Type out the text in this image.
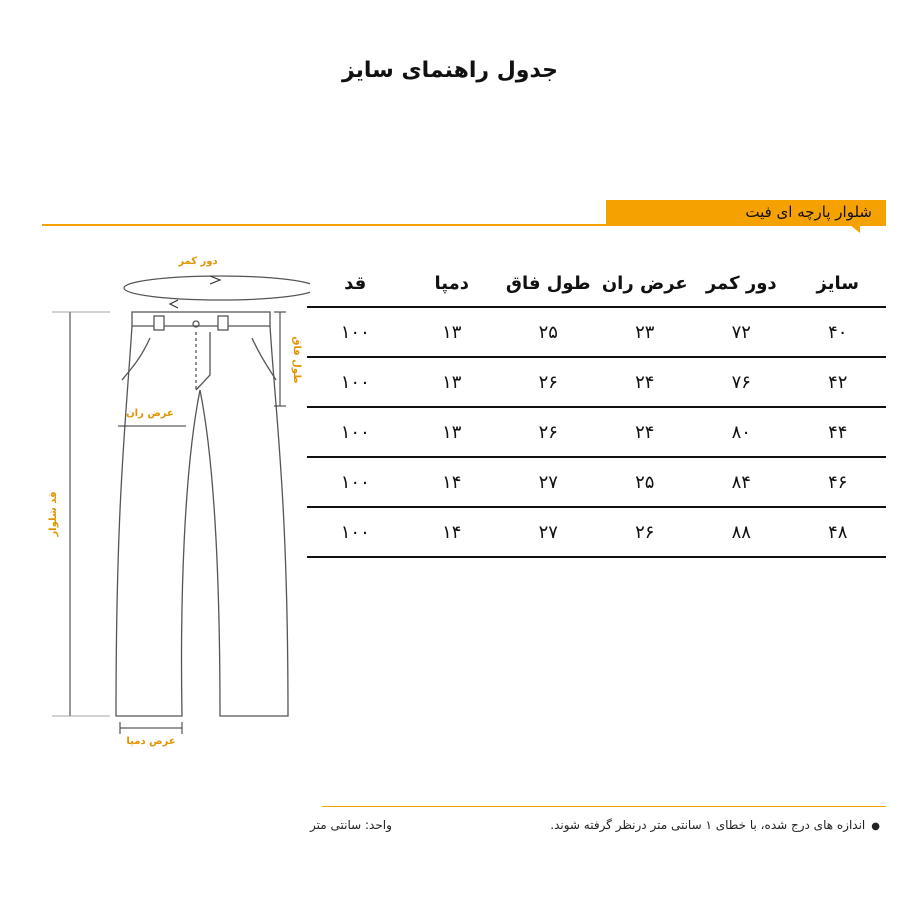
جدول راهنمای سایز
شلوار پارچه ای فیت
دور کمر
طول فاق
عرض ران
قد شلوار
عرض دمپا
سایز	دور کمر	عرض ران	طول فاق	دمپا	قد
۴۰	۷۲	۲۳	۲۵	۱۳	۱۰۰
۴۲	۷۶	۲۴	۲۶	۱۳	۱۰۰
۴۴	۸۰	۲۴	۲۶	۱۳	۱۰۰
۴۶	۸۴	۲۵	۲۷	۱۴	۱۰۰
۴۸	۸۸	۲۶	۲۷	۱۴	۱۰۰
●اندازه های درج شده، با خطای ۱ سانتی متر درنظر گرفته شوند.
واحد: سانتی متر
